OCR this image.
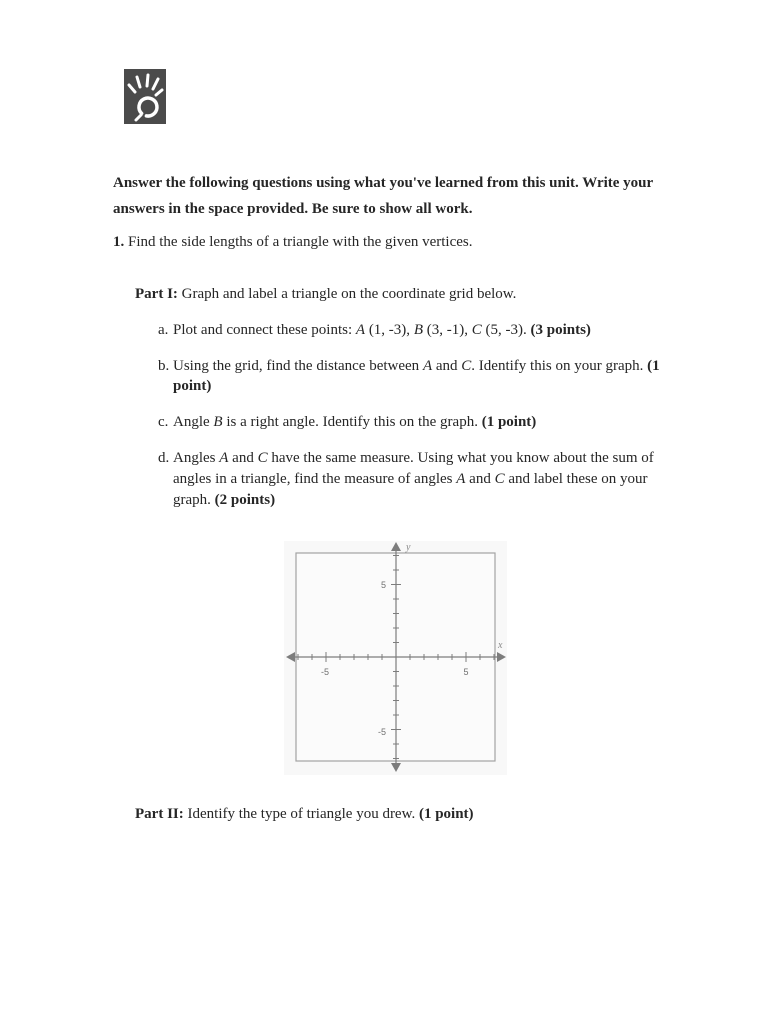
Answer the following questions using what you've learned from this unit. Write your
answers in the space provided. Be sure to show all work.
1. Find the side lengths of a triangle with the given vertices.
Part I: Graph and label a triangle on the coordinate grid below.
a. Plot and connect these points: A (1, -3), B (3, -1), C (5, -3). (3 points)
b. Using the grid, find the distance between A and C. Identify this on your graph. (1
point)
c. Angle B is a right angle. Identify this on the graph. (1 point)
d. Angles A and C have the same measure. Using what you know about the sum of
angles in a triangle, find the measure of angles A and C and label these on your
graph. (2 points)
y
x
-5	5
5
-5
Part II: Identify the type of triangle you drew. (1 point)
